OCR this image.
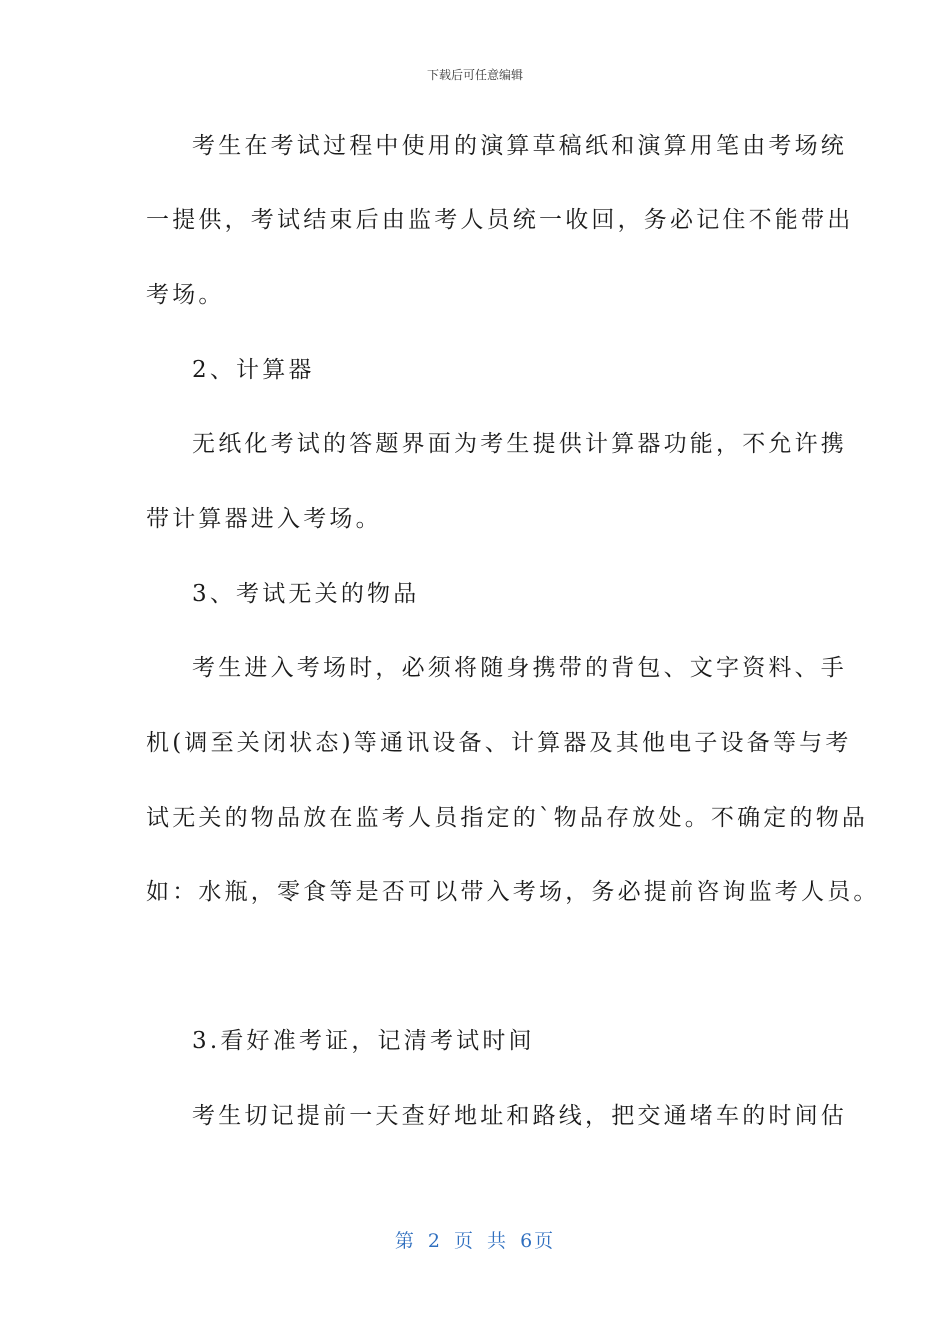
下载后可任意编辑
考生在考试过程中使用的演算草稿纸和演算用笔由考场统
一提供，考试结束后由监考人员统一收回，务必记住不能带出
考场。
2、计算器
无纸化考试的答题界面为考生提供计算器功能，不允许携
带计算器进入考场。
3、考试无关的物品
考生进入考场时，必须将随身携带的背包、文字资料、手
机(调至关闭状态)等通讯设备、计算器及其他电子设备等与考
试无关的物品放在监考人员指定的`物品存放处。不确定的物品
如：水瓶，零食等是否可以带入考场，务必提前咨询监考人员。
3.看好准考证，记清考试时间
考生切记提前一天查好地址和路线，把交通堵车的时间估
第 2 页 共 6页
